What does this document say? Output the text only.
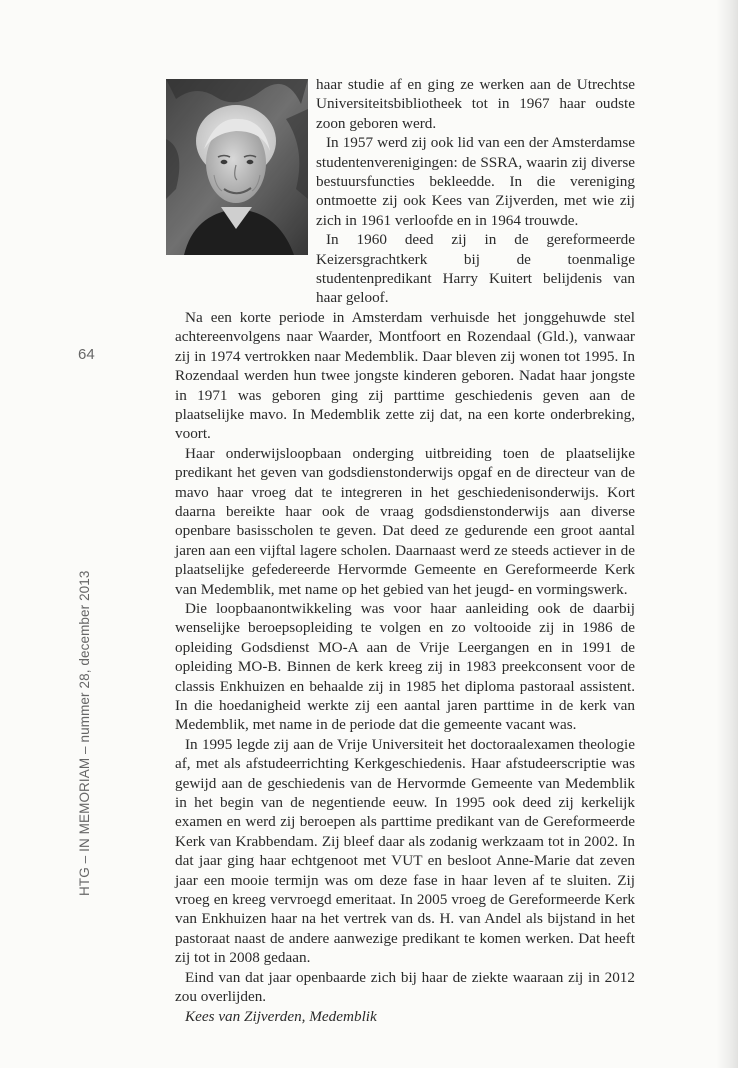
64
HTG – IN MEMORIAM – nummer 28, december 2013

haar studie af en ging ze werken aan de Utrechtse Universiteitsbibliotheek tot in 1967 haar oudste zoon geboren werd.

In 1957 werd zij ook lid van een der Amsterdamse studentenverenigingen: de SSRA, waarin zij diverse bestuursfuncties bekleedde. In die vereniging ontmoette zij ook Kees van Zijverden, met wie zij zich in 1961 verloofde en in 1964 trouwde.

In 1960 deed zij in de gereformeerde Keizersgrachtkerk bij de toenmalige studentenpredikant Harry Kuitert belijdenis van haar geloof.

Na een korte periode in Amsterdam verhuisde het jonggehuwde stel achtereenvolgens naar Waarder, Montfoort en Rozendaal (Gld.), vanwaar zij in 1974 vertrokken naar Medemblik. Daar bleven zij wonen tot 1995. In Rozendaal werden hun twee jongste kinderen geboren. Nadat haar jongste in 1971 was geboren ging zij parttime geschiedenis geven aan de plaatselijke mavo. In Medemblik zette zij dat, na een korte onderbreking, voort.

Haar onderwijsloopbaan onderging uitbreiding toen de plaatselijke predikant het geven van godsdienstonderwijs opgaf en de directeur van de mavo haar vroeg dat te integreren in het geschiedenisonderwijs. Kort daarna bereikte haar ook de vraag godsdienstonderwijs aan diverse openbare basisscholen te geven. Dat deed ze gedurende een groot aantal jaren aan een vijftal lagere scholen. Daarnaast werd ze steeds actiever in de plaatselijke gefedereerde Hervormde Gemeente en Gereformeerde Kerk van Medemblik, met name op het gebied van het jeugd- en vormingswerk.

Die loopbaanontwikkeling was voor haar aanleiding ook de daarbij wenselijke beroepsopleiding te volgen en zo voltooide zij in 1986 de opleiding Godsdienst MO-A aan de Vrije Leergangen en in 1991 de opleiding MO-B. Binnen de kerk kreeg zij in 1983 preekconsent voor de classis Enkhuizen en behaalde zij in 1985 het diploma pastoraal assistent. In die hoedanigheid werkte zij een aantal jaren parttime in de kerk van Medemblik, met name in de periode dat die gemeente vacant was.

In 1995 legde zij aan de Vrije Universiteit het doctoraalexamen theologie af, met als afstudeerrichting Kerkgeschiedenis. Haar afstudeerscriptie was gewijd aan de geschiedenis van de Hervormde Gemeente van Medemblik in het begin van de negentiende eeuw. In 1995 ook deed zij kerkelijk examen en werd zij beroepen als parttime predikant van de Gereformeerde Kerk van Krabbendam. Zij bleef daar als zodanig werkzaam tot in 2002. In dat jaar ging haar echtgenoot met VUT en besloot Anne-Marie dat zeven jaar een mooie termijn was om deze fase in haar leven af te sluiten. Zij vroeg en kreeg vervroegd emeritaat. In 2005 vroeg de Gereformeerde Kerk van Enkhuizen haar na het vertrek van ds. H. van Andel als bijstand in het pastoraat naast de andere aanwezige predikant te komen werken. Dat heeft zij tot in 2008 gedaan.

Eind van dat jaar openbaarde zich bij haar de ziekte waaraan zij in 2012 zou overlijden.

Kees van Zijverden, Medemblik
